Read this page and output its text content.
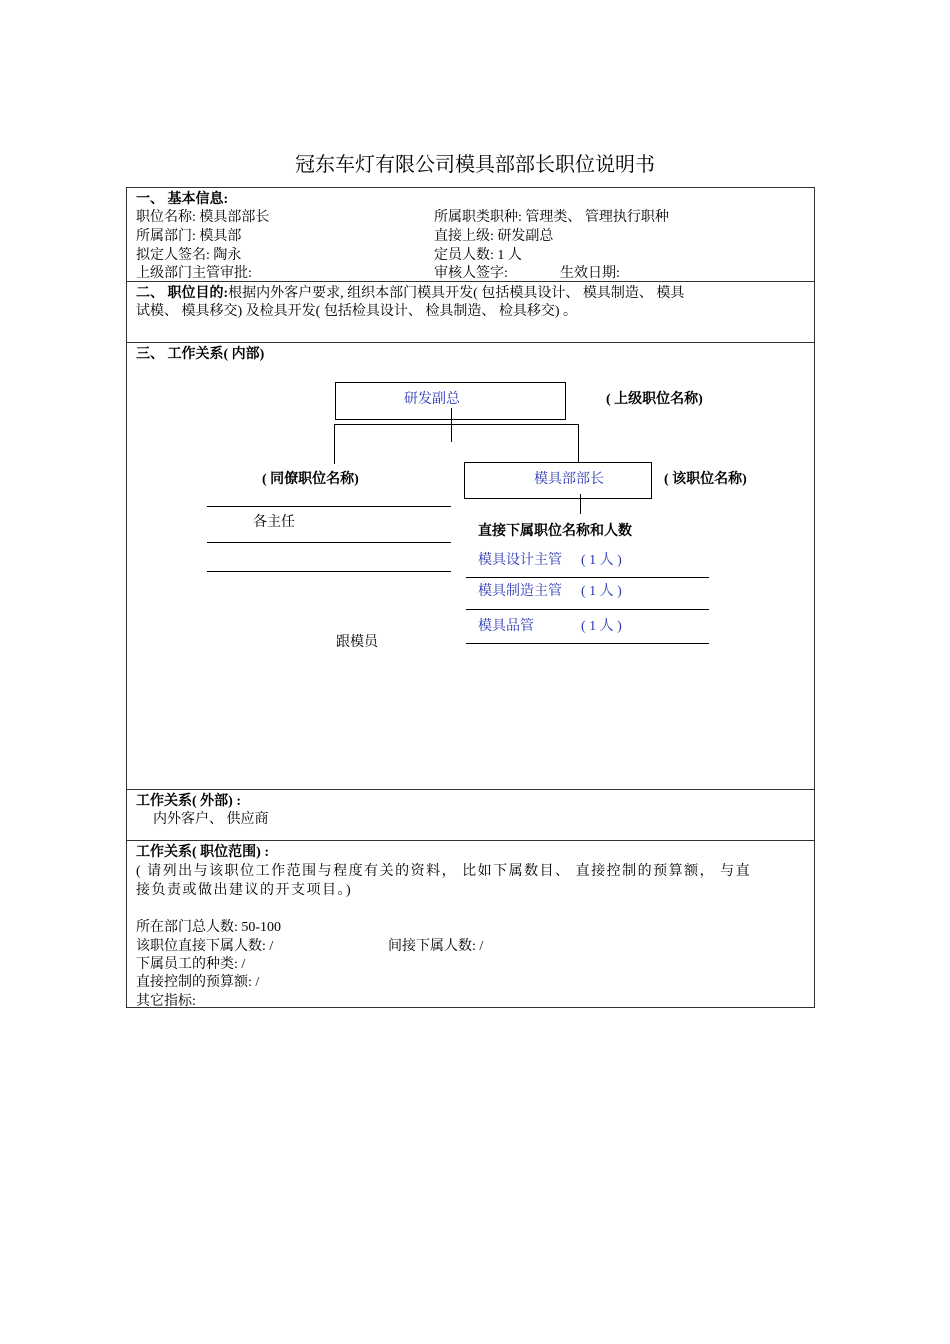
冠东车灯有限公司模具部部长职位说明书
一、 基本信息:
职位名称: 模具部部长	所属职类职种: 管理类、 管理执行职种
所属部门: 模具部	直接上级: 研发副总
拟定人签名: 陶永	定员人数: 1 人
上级部门主管审批:	审核人签字:	生效日期:
二、 职位目的:根据内外客户要求, 组织本部门模具开发( 包括模具设计、 模具制造、 模具
试模、 模具移交) 及检具开发( 包括检具设计、 检具制造、 检具移交) 。
三、 工作关系( 内部)
研发副总	( 上级职位名称)
( 同僚职位名称)	模具部部长	( 该职位名称)
各主任
跟模员
直接下属职位名称和人数
模具设计主管 ( 1 人 )
模具制造主管 ( 1 人 )
模具品管	( 1 人 )
工作关系( 外部) :
内外客户、 供应商
工作关系( 职位范围) :
( 请列出与该职位工作范围与程度有关的资料， 比如下属数目、 直接控制的预算额， 与直
接负责或做出建议的开支项目。)
所在部门总人数: 50-100
该职位直接下属人数: /	间接下属人数: /
下属员工的种类: /
直接控制的预算额: /
其它指标:
